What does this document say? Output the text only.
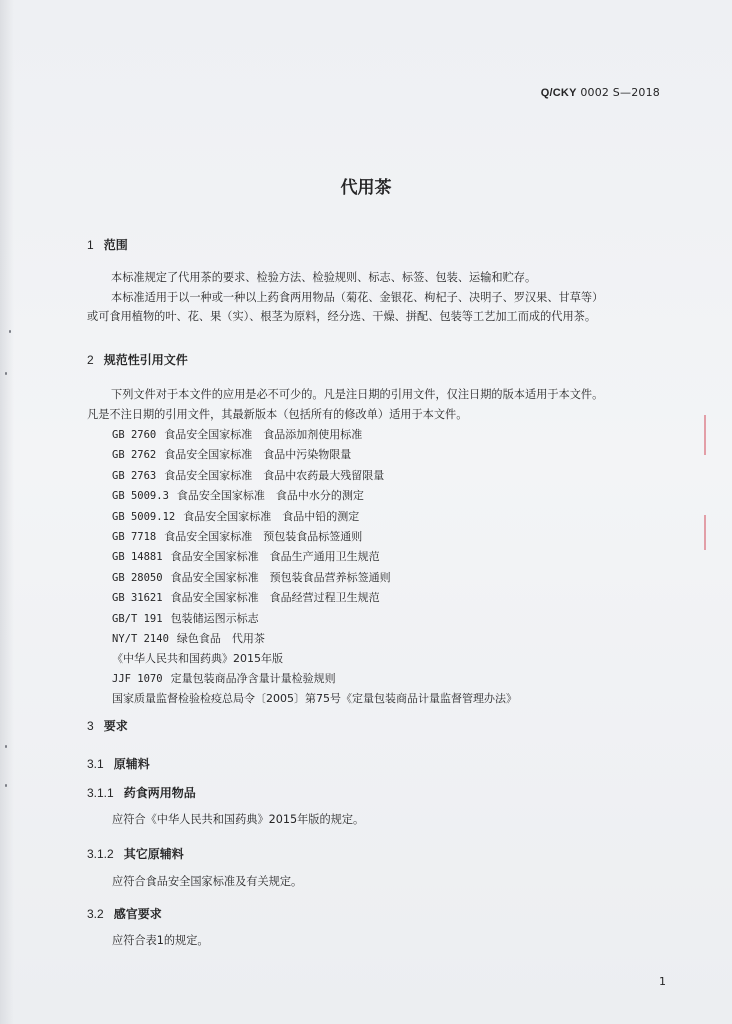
Q/CKY 0002 S—2018
代用茶
1 范围
本标准规定了代用茶的要求、检验方法、检验规则、标志、标签、包装、运输和贮存。
本标准适用于以一种或一种以上药食两用物品（菊花、金银花、枸杞子、决明子、罗汉果、甘草等）
或可食用植物的叶、花、果（实）、根茎为原料，经分选、干燥、拼配、包装等工艺加工而成的代用茶。
2 规范性引用文件
下列文件对于本文件的应用是必不可少的。凡是注日期的引用文件，仅注日期的版本适用于本文件。
凡是不注日期的引用文件，其最新版本（包括所有的修改单）适用于本文件。
GB 2760 食品安全国家标准　食品添加剂使用标准
GB 2762 食品安全国家标准　食品中污染物限量
GB 2763 食品安全国家标准　食品中农药最大残留限量
GB 5009.3 食品安全国家标准　食品中水分的测定
GB 5009.12 食品安全国家标准　食品中铅的测定
GB 7718 食品安全国家标准　预包装食品标签通则
GB 14881 食品安全国家标准　食品生产通用卫生规范
GB 28050 食品安全国家标准　预包装食品营养标签通则
GB 31621 食品安全国家标准　食品经营过程卫生规范
GB/T 191 包装储运图示标志
NY/T 2140 绿色食品　代用茶
《中华人民共和国药典》2015年版
JJF 1070 定量包装商品净含量计量检验规则
国家质量监督检验检疫总局令〔2005〕第75号《定量包装商品计量监督管理办法》
3 要求
3.1 原辅料
3.1.1 药食两用物品
应符合《中华人民共和国药典》2015年版的规定。
3.1.2 其它原辅料
应符合食品安全国家标准及有关规定。
3.2 感官要求
应符合表1的规定。
1
